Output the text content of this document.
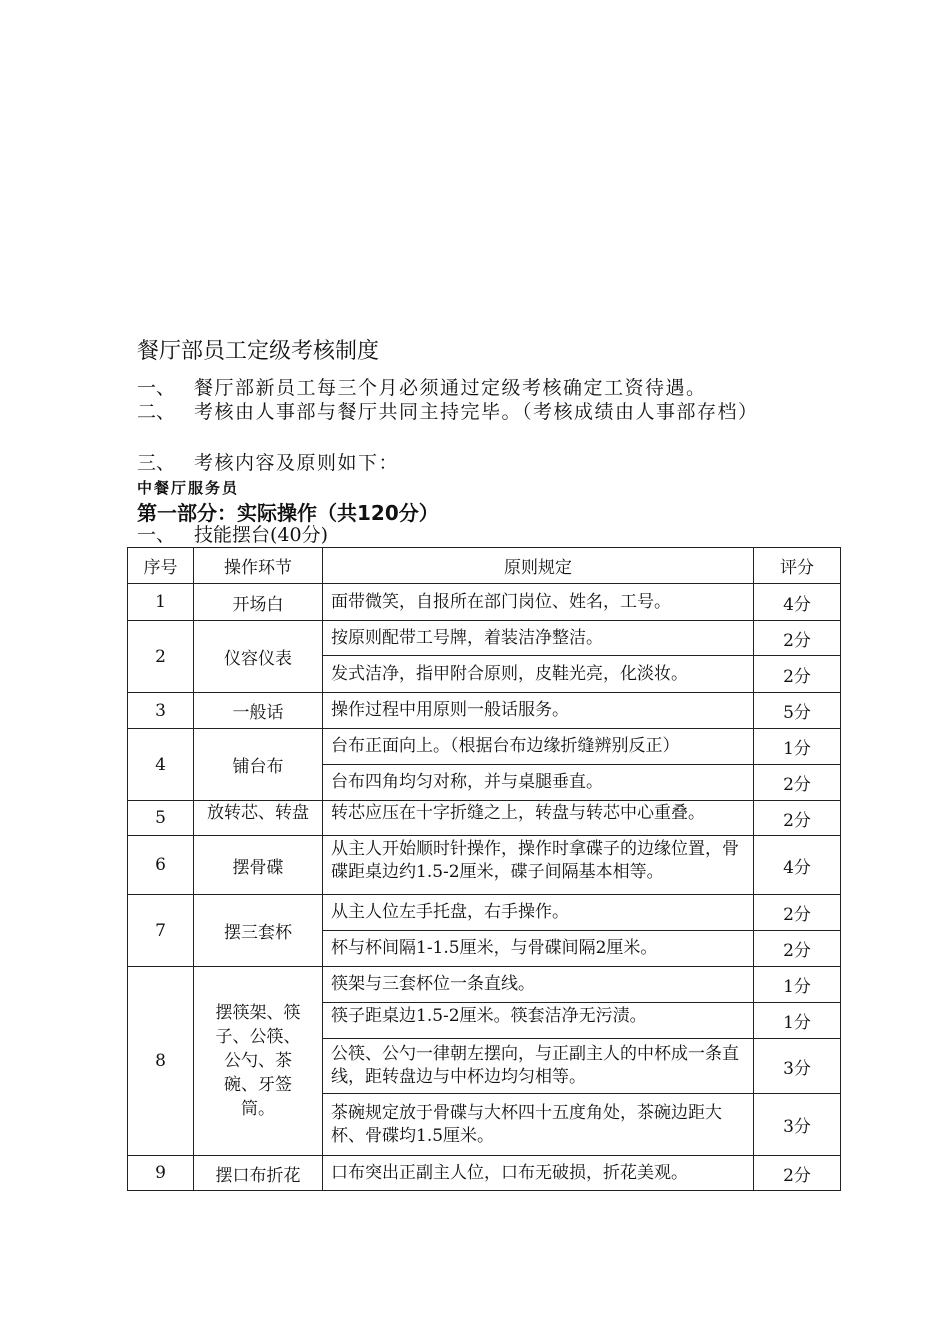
餐厅部员工定级考核制度
一、 餐厅部新员工每三个月必须通过定级考核确定工资待遇。
二、 考核由人事部与餐厅共同主持完毕。（考核成绩由人事部存档）
三、 考核内容及原则如下：
中餐厅服务员
第一部分：实际操作（共120分）
一、 技能摆台(40分)
序号	操作环节	原则规定	评分
1	开场白	面带微笑，自报所在部门岗位、姓名，工号。	4分
2	仪容仪表	按原则配带工号牌，着装洁净整洁。	2分
		发式洁净，指甲附合原则，皮鞋光亮，化淡妆。	2分
3	一般话	操作过程中用原则一般话服务。	5分
4	铺台布	台布正面向上。（根据台布边缘折缝辨别反正）	1分
		台布四角均匀对称，并与桌腿垂直。	2分
5	放转芯、转盘	转芯应压在十字折缝之上，转盘与转芯中心重叠。	2分
6	摆骨碟	从主人开始顺时针操作，操作时拿碟子的边缘位置，骨碟距桌边约1.5-2厘米，碟子间隔基本相等。	4分
7	摆三套杯	从主人位左手托盘，右手操作。	2分
		杯与杯间隔1-1.5厘米，与骨碟间隔2厘米。	2分
8	摆筷架、筷子、公筷、公勺、茶碗、牙签筒。	筷架与三套杯位一条直线。	1分
		筷子距桌边1.5-2厘米。筷套洁净无污渍。	1分
		公筷、公勺一律朝左摆向，与正副主人的中杯成一条直线，距转盘边与中杯边均匀相等。	3分
		茶碗规定放于骨碟与大杯四十五度角处，茶碗边距大杯、骨碟均1.5厘米。	3分
9	摆口布折花	口布突出正副主人位，口布无破损，折花美观。	2分
